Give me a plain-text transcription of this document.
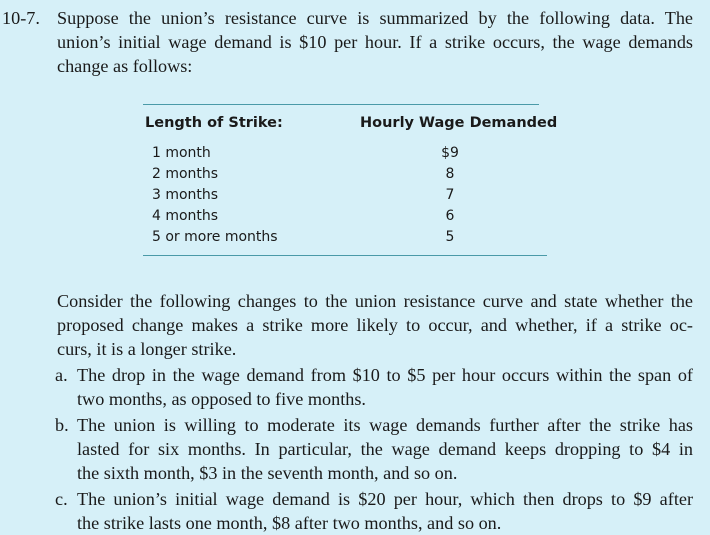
10-7. Suppose the union’s resistance curve is summarized by the following data. The
union’s initial wage demand is $10 per hour. If a strike occurs, the wage demands
change as follows:
Length of Strike:	Hourly Wage Demanded
1 month	$9
2 months	8
3 months	7
4 months	6
5 or more months	5
Consider the following changes to the union resistance curve and state whether the
proposed change makes a strike more likely to occur, and whether, if a strike oc-
curs, it is a longer strike.
a. The drop in the wage demand from $10 to $5 per hour occurs within the span of
two months, as opposed to five months.
b. The union is willing to moderate its wage demands further after the strike has
lasted for six months. In particular, the wage demand keeps dropping to $4 in
the sixth month, $3 in the seventh month, and so on.
c. The union’s initial wage demand is $20 per hour, which then drops to $9 after
the strike lasts one month, $8 after two months, and so on.
